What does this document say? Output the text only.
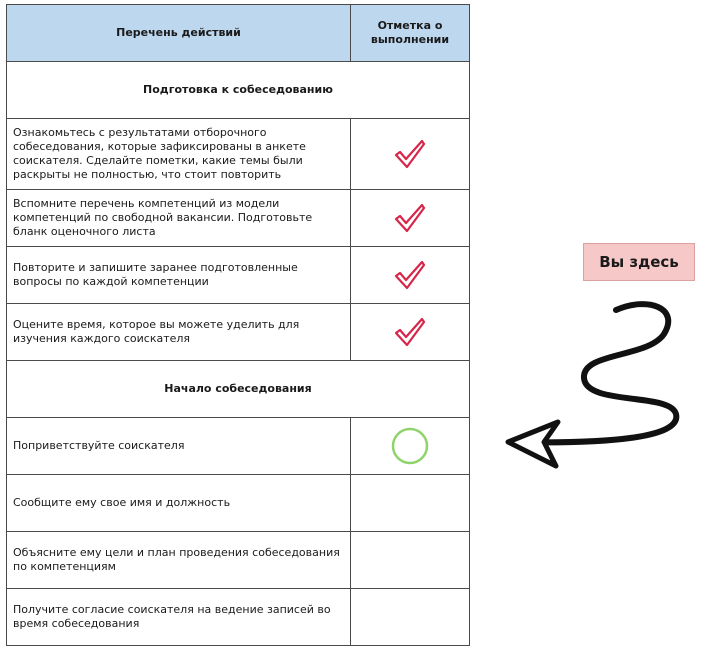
Перечень действий	Отметка о выполнении
Подготовка к собеседованию	
Ознакомьтесь с результатами отборочного собеседования, которые зафиксированы в анкете соискателя. Сделайте пометки, какие темы были раскрыты не полностью, что стоит повторить	
Вспомните перечень компетенций из модели компетенций по свободной вакансии. Подготовьте бланк оценочного листа	
Повторите и запишите заранее подготовленные вопросы по каждой компетенции	
Оцените время, которое вы можете уделить для изучения каждого соискателя	
Начало собеседования	
Поприветствуйте соискателя	
Сообщите ему свое имя и должность	
Объясните ему цели и план проведения собеседования по компетенциям	
Получите согласие соискателя на ведение записей во время собеседования	
Вы здесь
